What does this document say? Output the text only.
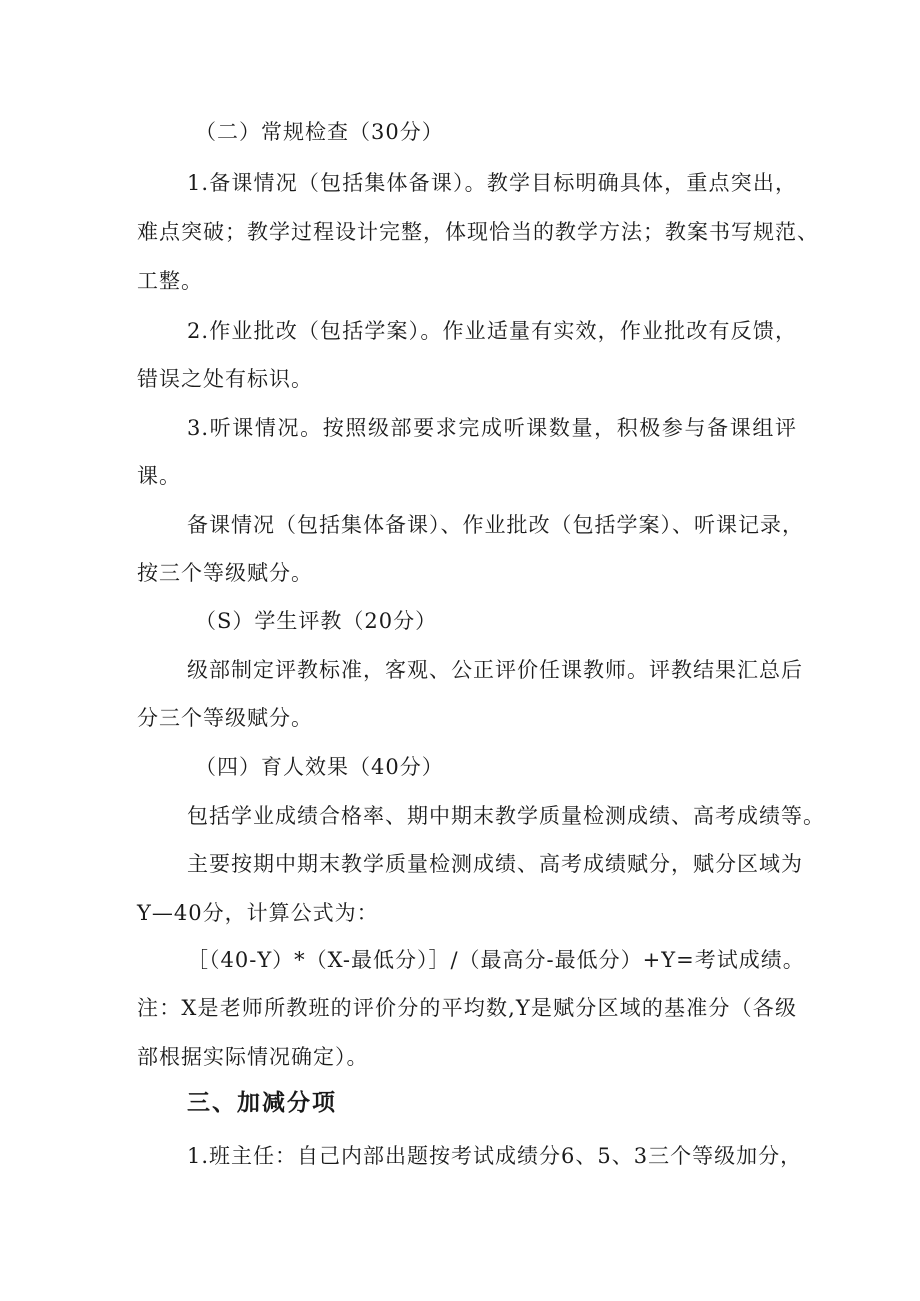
（二）常规检查（30分）
1.备课情况（包括集体备课）。教学目标明确具体，重点突出，
难点突破；教学过程设计完整，体现恰当的教学方法；教案书写规范、
工整。
2.作业批改（包括学案）。作业适量有实效，作业批改有反馈，
错误之处有标识。
3.听课情况。按照级部要求完成听课数量，积极参与备课组评
课。
备课情况（包括集体备课）、作业批改（包括学案）、听课记录，
按三个等级赋分。
（S）学生评教（20分）
级部制定评教标准，客观、公正评价任课教师。评教结果汇总后
分三个等级赋分。
（四）育人效果（40分）
包括学业成绩合格率、期中期末教学质量检测成绩、高考成绩等。
主要按期中期末教学质量检测成绩、高考成绩赋分，赋分区域为
Y—40分，计算公式为：
［（40-Y）*（X-最低分）］/（最高分-最低分）+Y=考试成绩。
注：X是老师所教班的评价分的平均数,Y是赋分区域的基准分（各级
部根据实际情况确定）。
三、加减分项
1.班主任：自己内部出题按考试成绩分6、5、3三个等级加分，
